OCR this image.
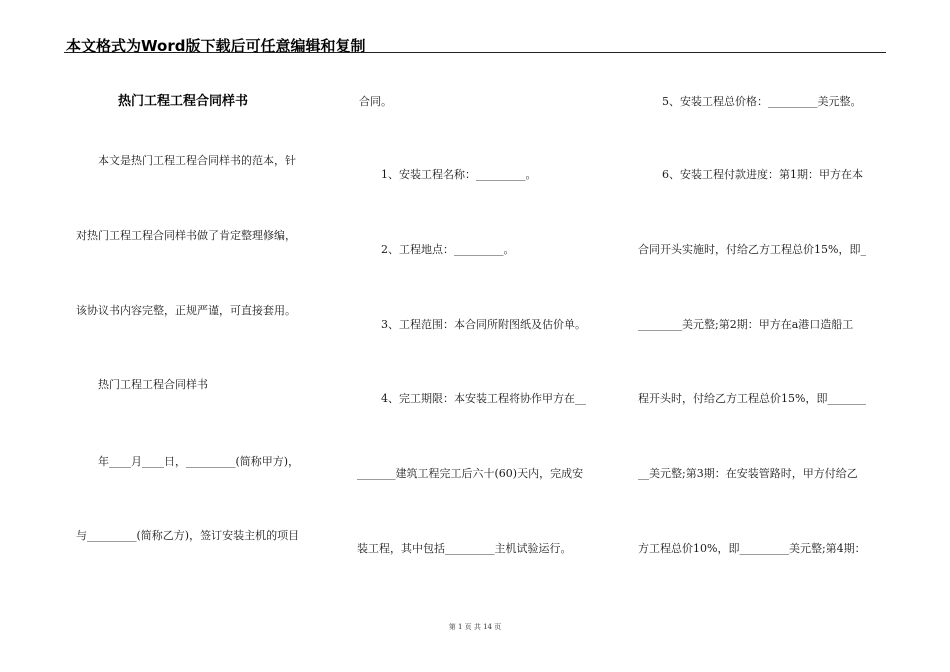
本文格式为Word版下载后可任意编辑和复制
热门工程工程合同样书
本文是热门工程工程合同样书的范本，针
对热门工程工程合同样书做了肯定整理修编，
该协议书内容完整，正规严谨，可直接套用。
热门工程工程合同样书
年____月____日，_________(简称甲方)，
与_________(简称乙方)，签订安装主机的项目
合同。
1、安装工程名称：_________。
2、工程地点：_________。
3、工程范围：本合同所附图纸及估价单。
4、完工期限：本安装工程将协作甲方在__
_______建筑工程完工后六十(60)天内，完成安
装工程，其中包括_________主机试验运行。
5、安装工程总价格：_________美元整。
6、安装工程付款进度：第1期：甲方在本
合同开头实施时，付给乙方工程总价15%，即_
________美元整;第2期：甲方在a港口造船工
程开头时，付给乙方工程总价15%，即_______
__美元整;第3期：在安装管路时，甲方付给乙
方工程总价10%，即_________美元整;第4期：
第 1 页 共 14 页
